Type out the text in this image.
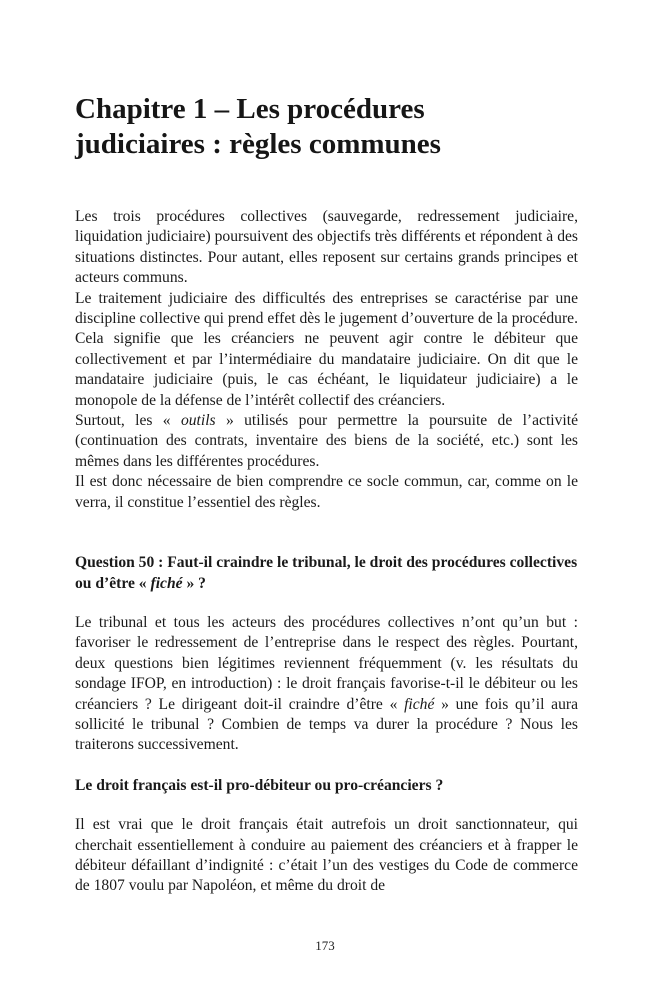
Chapitre 1 – Les procédures
judiciaires : règles communes

Les trois procédures collectives (sauvegarde, redressement judiciaire, liquidation judiciaire) poursuivent des objectifs très différents et répondent à des situations distinctes. Pour autant, elles reposent sur certains grands principes et acteurs communs.

Le traitement judiciaire des difficultés des entreprises se caractérise par une discipline collective qui prend effet dès le jugement d’ouverture de la procédure. Cela signifie que les créanciers ne peuvent agir contre le débiteur que collectivement et par l’intermédiaire du mandataire judiciaire. On dit que le mandataire judiciaire (puis, le cas échéant, le liquidateur judiciaire) a le monopole de la défense de l’intérêt collectif des créanciers.

Surtout, les « outils » utilisés pour permettre la poursuite de l’activité (continuation des contrats, inventaire des biens de la société, etc.) sont les mêmes dans les différentes procédures.

Il est donc nécessaire de bien comprendre ce socle commun, car, comme on le verra, il constitue l’essentiel des règles.

Question 50 : Faut-il craindre le tribunal, le droit des procédures collectives ou d’être « fiché » ?

Le tribunal et tous les acteurs des procédures collectives n’ont qu’un but : favoriser le redressement de l’entreprise dans le respect des règles. Pourtant, deux questions bien légitimes reviennent fréquemment (v. les résultats du sondage IFOP, en introduction) : le droit français favorise-t-il le débiteur ou les créanciers ? Le dirigeant doit-il craindre d’être « fiché » une fois qu’il aura sollicité le tribunal ? Combien de temps va durer la procédure ? Nous les traiterons successivement.

Le droit français est-il pro-débiteur ou pro-créanciers ?

Il est vrai que le droit français était autrefois un droit sanctionnateur, qui cherchait essentiellement à conduire au paiement des créanciers et à frapper le débiteur défaillant d’indignité : c’était l’un des vestiges du Code de commerce de 1807 voulu par Napoléon, et même du droit de

173
